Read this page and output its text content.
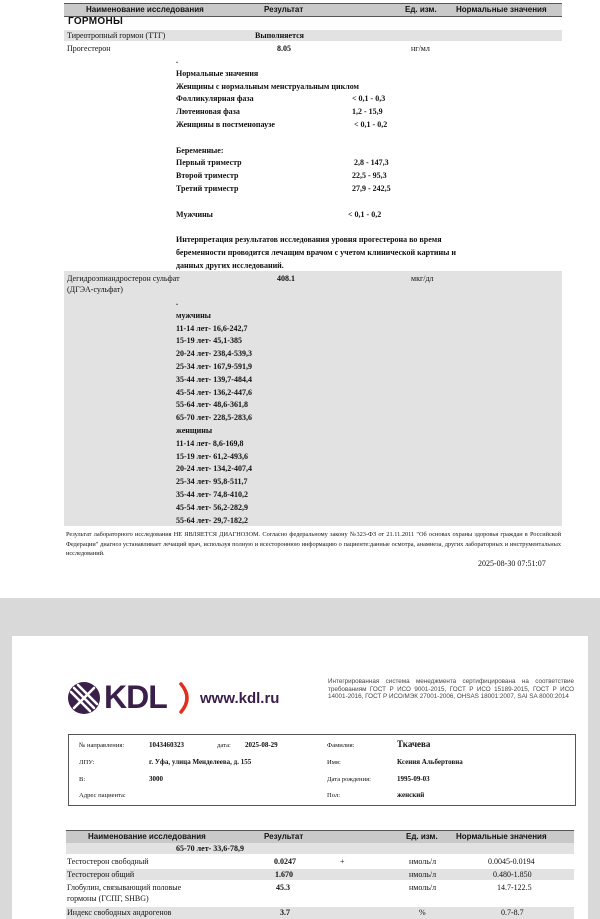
Наименование исследования	Результат	Ед. изм. Нормальные значения
ГОРМОНЫ
Тиреотропный гормон (ТТГ)	Выполняется
Прогестерон	8.05	нг/мл
.
Нормальные значения
Женщины с нормальным менструальным циклом
Фолликулярная фаза	< 0,1 - 0,3
Лютеиновая фаза	1,2 - 15,9
Женщины в постменопаузе	< 0,1 - 0,2
Беременные:
Первый триместр	2,8 - 147,3
Второй триместр	22,5 - 95,3
Третий триместр	27,9 - 242,5
Мужчины	< 0,1 - 0,2
Интерпретация результатов исследования уровня прогестерона во время
беременности проводится лечащим врачом с учетом клинической картины и
данных других исследований.
Дегидроэпиандростерон сульфат
(ДГЭА-сульфат)
408.1	мкг/дл
.
мужчины
11-14 лет- 16,6-242,7
15-19 лет- 45,1-385
20-24 лет- 238,4-539,3
25-34 лет- 167,9-591,9
35-44 лет- 139,7-484,4
45-54 лет- 136,2-447,6
55-64 лет- 48,6-361,8
65-70 лет- 228,5-283,6
женщины
11-14 лет- 8,6-169,8
15-19 лет- 61,2-493,6
20-24 лет- 134,2-407,4
25-34 лет- 95,8-511,7
35-44 лет- 74,8-410,2
45-54 лет- 56,2-282,9
55-64 лет- 29,7-182,2
Результат лабораторного исследования НЕ ЯВЛЯЕТСЯ ДИАГНОЗОМ. Согласно федеральному закону №323-ФЗ от 21.11.2011 "Об основах охраны здоровья граждан в Российской Федерации" диагноз устанавливает лечащий врач, используя полную и всестороннюю информацию о пациенте:данные осмотра, анамнеза, других лабораторных и инструментальных исследований.
2025-08-30 07:51:07
KDL www.kdl.ru
Интегрированная система менеджмента сертифицирована на соответствие требованиям ГОСТ Р ИСО 9001-2015, ГОСТ Р ИСО 15189-2015, ГОСТ Р ИСО 14001-2016, ГОСТ Р ИСО/МЭК 27001-2006, OHSAS 18001:2007, SAI SA 8000:2014
№ направления:	1043460323	дата: 2025-08-29
ЛПУ:	г. Уфа, улица Менделеева, д. 155
В:	3000
Адрес пациента:
Фамилия:	Ткачева
Имя:	Ксения Альбертовна
Дата рождения:	1995-09-03
Пол:	женский
Наименование исследования	Результат	Ед. изм. Нормальные значения
65-70 лет- 33,6-78,9
Тестостерон свободный	0.0247	+	нмоль/л	0.0045-0.0194
Тестостерон общий	1.670	нмоль/л	0.480-1.850
Глобулин, связывающий половые
гормоны (ГСПГ, SHBG)
45.3	нмоль/л	14.7-122.5
Индекс свободных андрогенов	3.7	%	0.7-8.7
